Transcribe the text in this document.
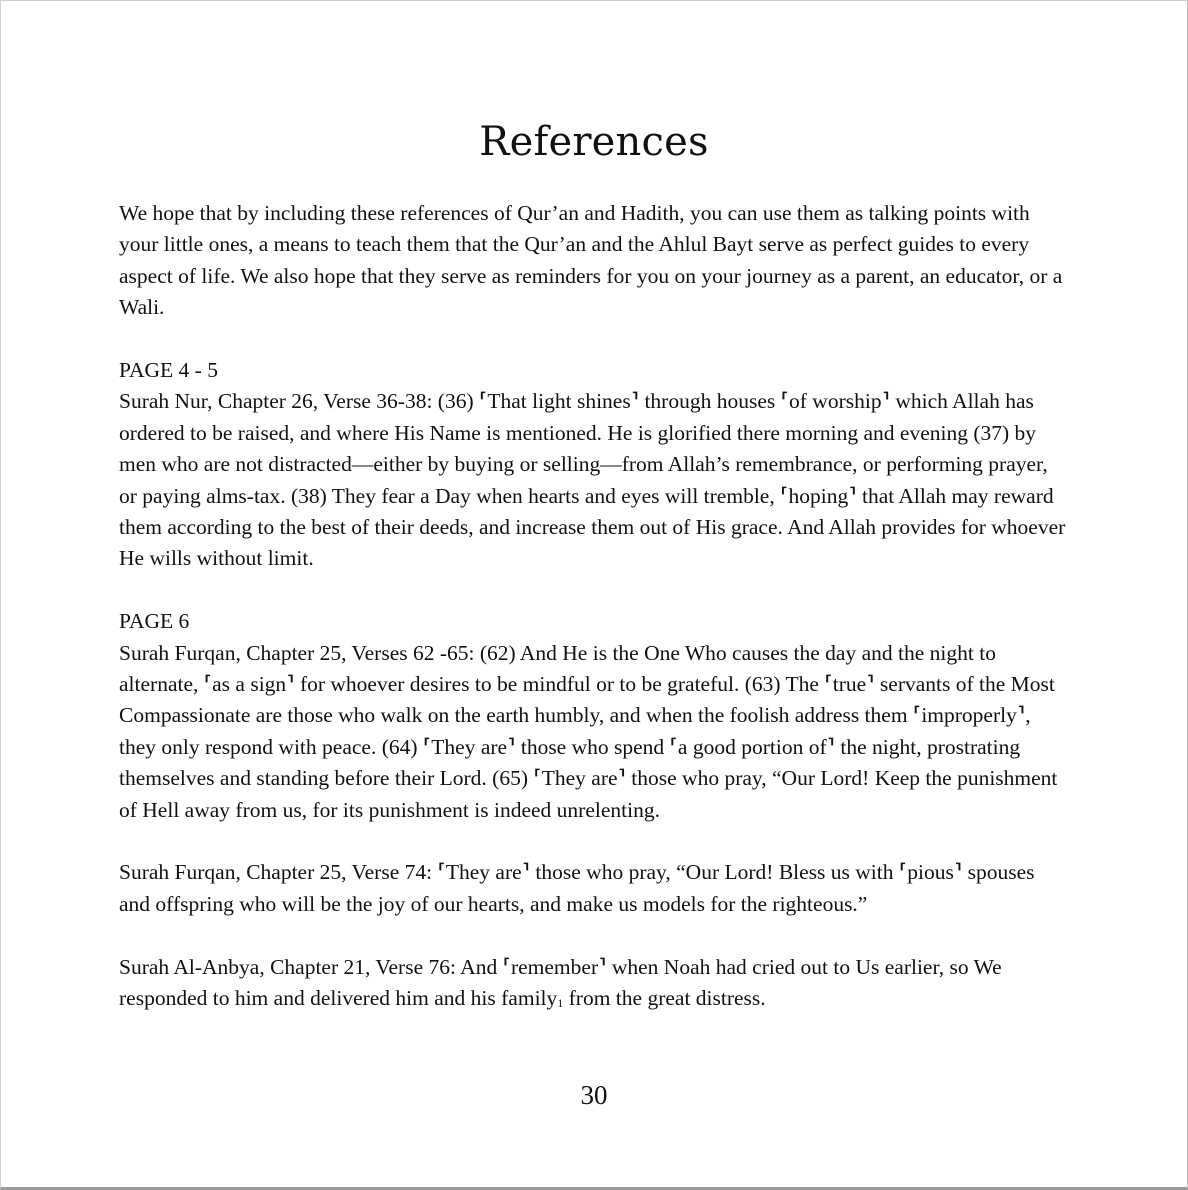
References

We hope that by including these references of Qur’an and Hadith, you can use them as talking points with your little ones, a means to teach them that the Qur’an and the Ahlul Bayt serve as perfect guides to every aspect of life. We also hope that they serve as reminders for you on your journey as a parent, an educator, or a Wali.

PAGE 4 - 5
Surah Nur, Chapter 26, Verse 36-38: (36) ⸢That light shines⸣ through houses ⸢of worship⸣ which Allah has ordered to be raised, and where His Name is mentioned. He is glorified there morning and evening (37) by men who are not distracted—either by buying or selling—from Allah’s remembrance, or performing prayer, or paying alms-tax. (38) They fear a Day when hearts and eyes will tremble, ⸢hoping⸣ that Allah may reward them according to the best of their deeds, and increase them out of His grace. And Allah provides for whoever He wills without limit.

PAGE 6
Surah Furqan, Chapter 25, Verses 62 -65: (62) And He is the One Who causes the day and the night to alternate, ⸢as a sign⸣ for whoever desires to be mindful or to be grateful. (63) The ⸢true⸣ servants of the Most Compassionate are those who walk on the earth humbly, and when the foolish address them ⸢improperly⸣, they only respond with peace. (64) ⸢They are⸣ those who spend ⸢a good portion of⸣ the night, prostrating themselves and standing before their Lord. (65) ⸢They are⸣ those who pray, “Our Lord! Keep the punishment of Hell away from us, for its punishment is indeed unrelenting.

Surah Furqan, Chapter 25, Verse 74: ⸢They are⸣ those who pray, “Our Lord! Bless us with ⸢pious⸣ spouses and offspring who will be the joy of our hearts, and make us models for the righteous.”

Surah Al-Anbya, Chapter 21, Verse 76: And ⸢remember⸣ when Noah had cried out to Us earlier, so We responded to him and delivered him and his family$_1$ from the great distress.

30
